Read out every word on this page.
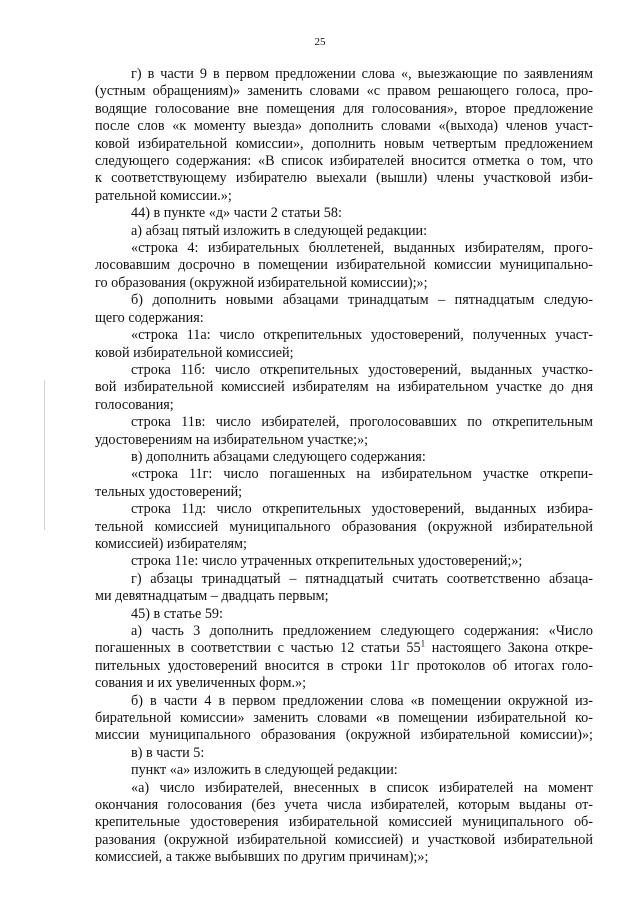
25
г) в части 9 в первом предложении слова «, выезжающие по заявлениям
(устным обращениям)» заменить словами «с правом решающего голоса, про-
водящие голосование вне помещения для голосования», второе предложение
после слов «к моменту выезда» дополнить словами «(выхода) членов участ-
ковой избирательной комиссии», дополнить новым четвертым предложением
следующего содержания: «В список избирателей вносится отметка о том, что
к соответствующему избирателю выехали (вышли) члены участковой изби-
рательной комиссии.»;
44) в пункте «д» части 2 статьи 58:
а) абзац пятый изложить в следующей редакции:
«строка 4: избирательных бюллетеней, выданных избирателям, прого-
лосовавшим досрочно в помещении избирательной комиссии муниципально-
го образования (окружной избирательной комиссии);»;
б) дополнить новыми абзацами тринадцатым – пятнадцатым следую-
щего содержания:
«строка 11а: число открепительных удостоверений, полученных участ-
ковой избирательной комиссией;
строка 11б: число открепительных удостоверений, выданных участко-
вой избирательной комиссией избирателям на избирательном участке до дня
голосования;
строка 11в: число избирателей, проголосовавших по открепительным
удостоверениям на избирательном участке;»;
в) дополнить абзацами следующего содержания:
«строка 11г: число погашенных на избирательном участке открепи-
тельных удостоверений;
строка 11д: число открепительных удостоверений, выданных избира-
тельной комиссией муниципального образования (окружной избирательной
комиссией) избирателям;
строка 11е: число утраченных открепительных удостоверений;»;
г) абзацы тринадцатый – пятнадцатый считать соответственно абзаца-
ми девятнадцатым – двадцать первым;
45) в статье 59:
а) часть 3 дополнить предложением следующего содержания: «Число
погашенных в соответствии с частью 12 статьи $55^1$ настоящего Закона откре-
пительных удостоверений вносится в строки 11г протоколов об итогах голо-
сования и их увеличенных форм.»;
б) в части 4 в первом предложении слова «в помещении окружной из-
бирательной комиссии» заменить словами «в помещении избирательной ко-
миссии муниципального образования (окружной избирательной комиссии)»;
в) в части 5:
пункт «а» изложить в следующей редакции:
«а) число избирателей, внесенных в список избирателей на момент
окончания голосования (без учета числа избирателей, которым выданы от-
крепительные удостоверения избирательной комиссией муниципального об-
разования (окружной избирательной комиссией) и участковой избирательной
комиссией, а также выбывших по другим причинам);»;
